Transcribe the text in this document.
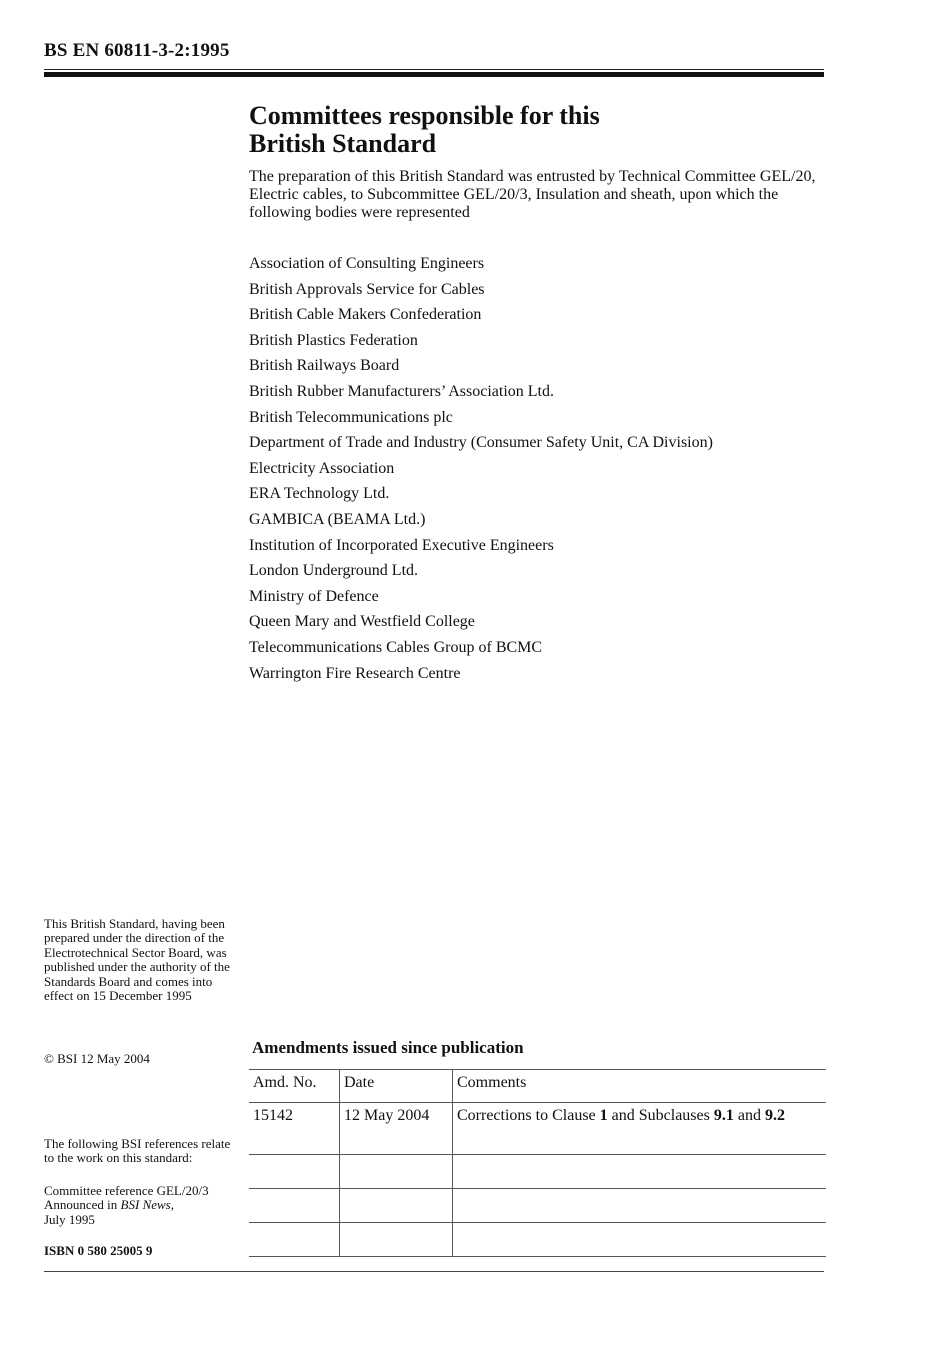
BS EN 60811-3-2:1995
Committees responsible for this
British Standard
The preparation of this British Standard was entrusted by Technical Committee GEL/20, Electric cables, to Subcommittee GEL/20/3, Insulation and sheath, upon which the following bodies were represented
Association of Consulting Engineers
British Approvals Service for Cables
British Cable Makers Confederation
British Plastics Federation
British Railways Board
British Rubber Manufacturers’ Association Ltd.
British Telecommunications plc
Department of Trade and Industry (Consumer Safety Unit, CA Division)
Electricity Association
ERA Technology Ltd.
GAMBICA (BEAMA Ltd.)
Institution of Incorporated Executive Engineers
London Underground Ltd.
Ministry of Defence
Queen Mary and Westfield College
Telecommunications Cables Group of BCMC
Warrington Fire Research Centre
This British Standard, having been prepared under the direction of the Electrotechnical Sector Board, was published under the authority of the Standards Board and comes into effect on 15 December 1995
© BSI 12 May 2004
The following BSI references relate to the work on this standard:
Committee reference GEL/20/3
Announced in BSI News,
July 1995
ISBN 0 580 25005 9
Amendments issued since publication
Amd. No.	Date	Comments
15142	12 May 2004	Corrections to Clause 1 and Subclauses 9.1 and 9.2
